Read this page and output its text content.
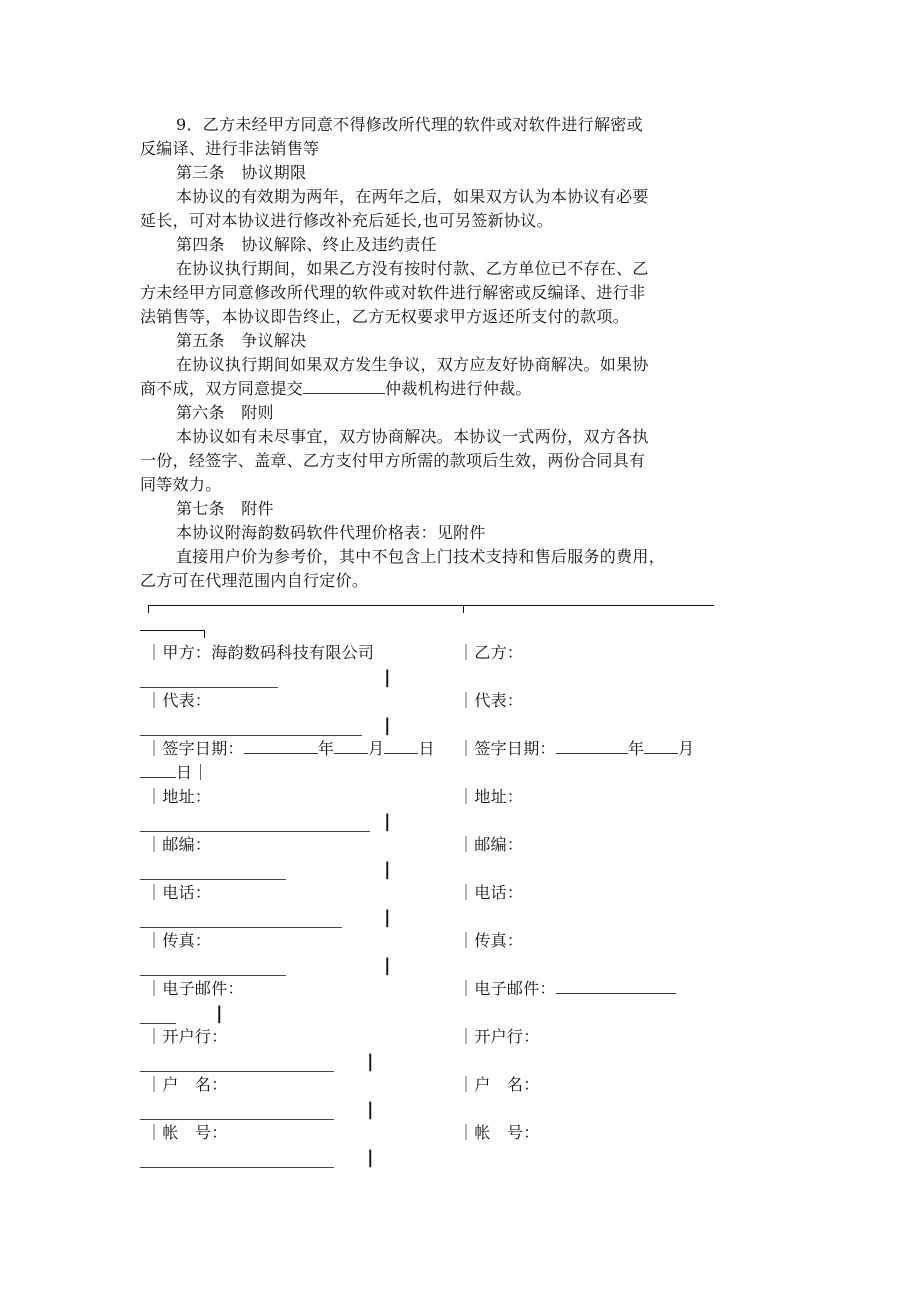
9．乙方未经甲方同意不得修改所代理的软件或对软件进行解密或
反编译、进行非法销售等
第三条　协议期限
本协议的有效期为两年，在两年之后，如果双方认为本协议有必要
延长，可对本协议进行修改补充后延长,也可另签新协议。
第四条　协议解除、终止及违约责任
在协议执行期间，如果乙方没有按时付款、乙方单位已不存在、乙
方未经甲方同意修改所代理的软件或对软件进行解密或反编译、进行非
法销售等，本协议即告终止，乙方无权要求甲方返还所支付的款项。
第五条　争议解决
在协议执行期间如果双方发生争议，双方应友好协商解决。如果协
商不成，双方同意提交	仲裁机构进行仲裁。
第六条　附则
本协议如有未尽事宜，双方协商解决。本协议一式两份，双方各执
一份，经签字、盖章、乙方支付甲方所需的款项后生效，两份合同具有
同等效力。
第七条　附件
本协议附海韵数码软件代理价格表：见附件
直接用户价为参考价，其中不包含上门技术支持和售后服务的费用，
乙方可在代理范围内自行定价。
｜甲方：海韵数码科技有限公司	｜乙方：
|
｜代表：	｜代表：
|
｜签字日期：	年 月 日 ｜签字日期：	年 月
日｜
｜地址：	｜地址：
|
｜邮编：	｜邮编：
|
｜电话：	｜电话：
|
｜传真：	｜传真：
|
｜电子邮件：	｜电子邮件：
|
｜开户行：	｜开户行：
|
｜户　名：	｜户　名：
|
｜帐　号：	｜帐　号：
|
